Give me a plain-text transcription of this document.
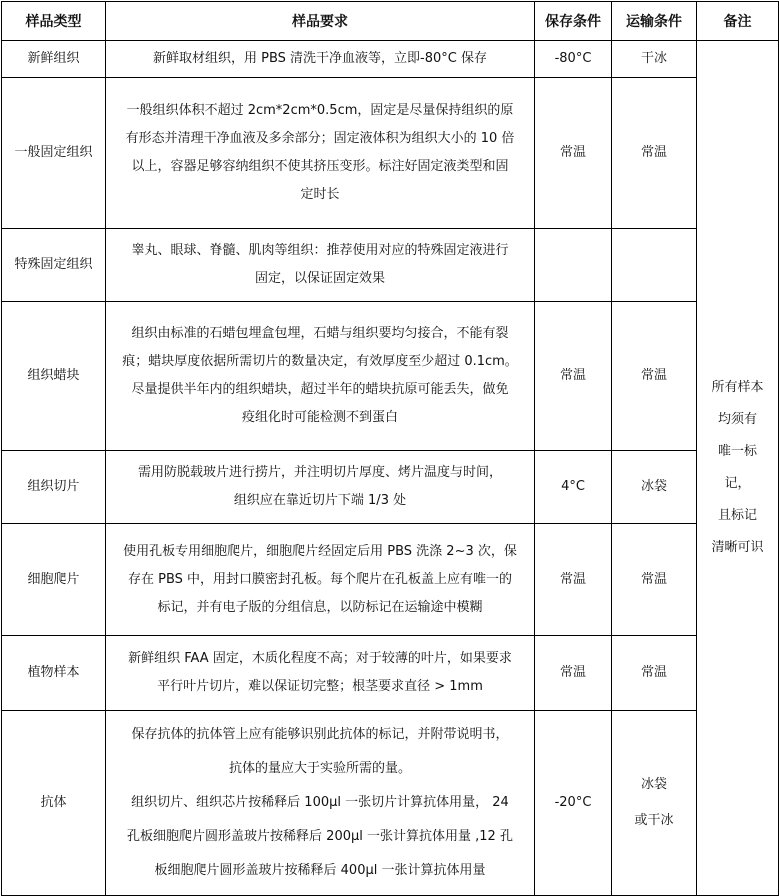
样品类型	样品要求	保存条件	运输条件	备注
新鲜组织	新鲜取材组织，用 PBS 清洗干净血液等，立即-80°C 保存	-80°C	干冰	所有样本
均须有
唯一标记，
且标记
清晰可识

一般固定组织	一般组织体积不超过 2cm*2cm*0.5cm，固定是尽量保持组织的原
有形态并清理干净血液及多余部分；固定液体积为组织大小的 10 倍
以上，容器足够容纳组织不使其挤压变形。标注好固定液类型和固
定时长	常温	常温	

特殊固定组织	睾丸、眼球、脊髓、肌肉等组织：推荐使用对应的特殊固定液进行
固定，以保证固定效果			

组织蜡块	组织由标准的石蜡包埋盒包埋，石蜡与组织要均匀接合，不能有裂
痕；蜡块厚度依据所需切片的数量决定，有效厚度至少超过 0.1cm。
尽量提供半年内的组织蜡块，超过半年的蜡块抗原可能丢失，做免
疫组化时可能检测不到蛋白	常温	常温	

组织切片	需用防脱载玻片进行捞片，并注明切片厚度、烤片温度与时间，
组织应在靠近切片下端 1/3 处	4°C	冰袋	

细胞爬片	使用孔板专用细胞爬片，细胞爬片经固定后用 PBS 洗涤 2~3 次，保
存在 PBS 中，用封口膜密封孔板。每个爬片在孔板盖上应有唯一的
标记，并有电子版的分组信息，以防标记在运输途中模糊	常温	常温	

植物样本	新鲜组织 FAA 固定，木质化程度不高；对于较薄的叶片，如果要求
平行叶片切片，难以保证切完整；根茎要求直径 > 1mm	常温	常温	

抗体	保存抗体的抗体管上应有能够识别此抗体的标记，并附带说明书，
抗体的量应大于实验所需的量。
组织切片、组织芯片按稀释后 100μl 一张切片计算抗体用量， 24
孔板细胞爬片圆形盖玻片按稀释后 200μl 一张计算抗体用量 ,12 孔
板细胞爬片圆形盖玻片按稀释后 400μl 一张计算抗体用量	-20°C	冰袋
或干冰	
